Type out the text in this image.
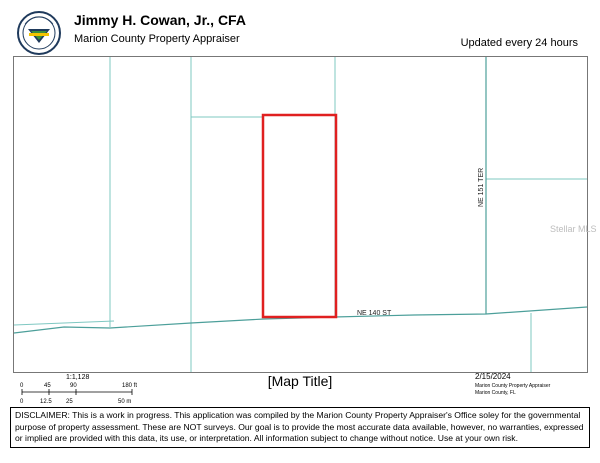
Jimmy H. Cowan, Jr., CFA
Marion County Property Appraiser	Updated every 24 hours
NE 140 ST
NE 151 TER
Stellar MLS
1:1,128
0	45	90	180 ft
0	12.5 25	50 m
[Map Title]	2/15/2024
Marion County Property Appraiser
Marion County, FL
DISCLAIMER: This is a work in progress. This application was compiled by the Marion County Property Appraiser's Office soley for the governmental purpose of property assessment. These are NOT surveys. Our goal is to provide the most accurate data available, however, no warranties, expressed or implied are provided with this data, its use, or interpretation. All information subject to change without notice. Use at your own risk.
